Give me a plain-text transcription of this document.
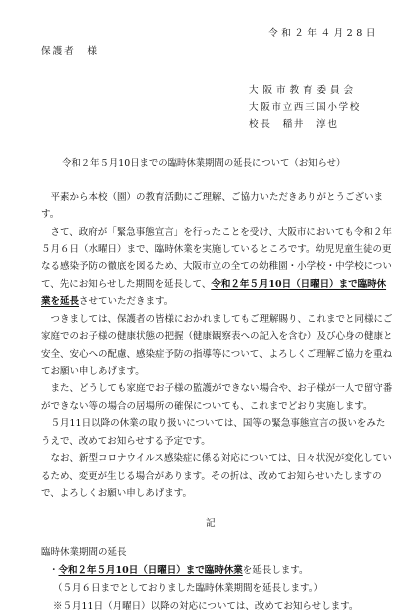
令和２年４月28日
保護者　様
大阪市教育委員会
大阪市立西三国小学校
校長　稲井　淳也
令和２年５月10日までの臨時休業期間の延長について（お知らせ）

平素から本校（園）の教育活動にご理解、ご協力いただきありがとうございます。

さて、政府が「緊急事態宣言」を行ったことを受け、大阪市においても令和２年５月６日（水曜日）まで、臨時休業を実施しているところです。幼児児童生徒の更なる感染予防の徹底を図るため、大阪市立の全ての幼稚園・小学校・中学校について、先にお知らせした期間を延長して、令和２年５月10日（日曜日）まで臨時休業を延長させていただきます。

つきましては、保護者の皆様におかれましてもご理解賜り、これまでと同様にご家庭でのお子様の健康状態の把握（健康観察表への記入を含む）及び心身の健康と安全、安心への配慮、感染症予防の指導等について、よろしくご理解ご協力を重ねてお願い申しあげます。

また、どうしても家庭でお子様の監護ができない場合や、お子様が一人で留守番ができない等の場合の居場所の確保についても、これまでどおり実施します。

５月11日以降の休業の取り扱いについては、国等の緊急事態宣言の扱いをみたうえで、改めてお知らせする予定です。

なお、新型コロナウイルス感染症に係る対応については、日々状況が変化しているため、変更が生じる場合があります。その折は、改めてお知らせいたしますので、よろしくお願い申しあげます。

記
臨時休業期間の延長
・令和２年５月10日（日曜日）まで臨時休業を延長します。
（５月６日までとしておりました臨時休業期間を延長します。）
※５月11日（月曜日）以降の対応については、改めてお知らせします。
